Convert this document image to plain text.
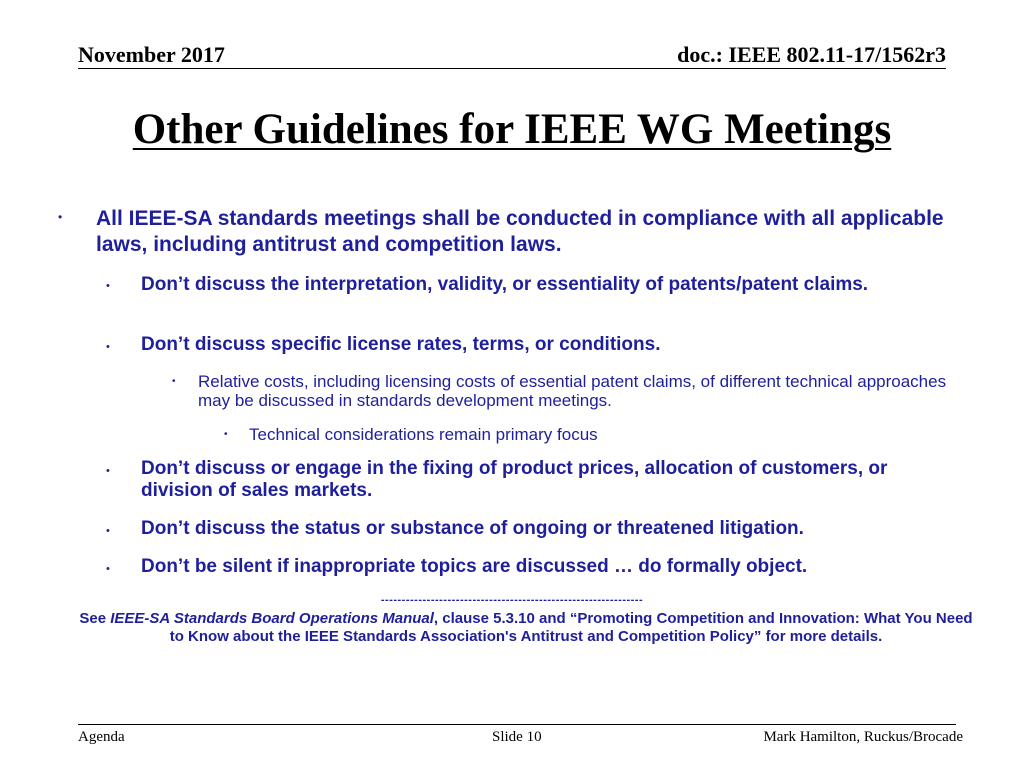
November 2017	doc.: IEEE 802.11-17/1562r3
Other Guidelines for IEEE WG Meetings
• All IEEE-SA standards meetings shall be conducted in compliance with all applicable laws, including antitrust and competition laws.
• Don’t discuss the interpretation, validity, or essentiality of patents/patent claims.
• Don’t discuss specific license rates, terms, or conditions.
• Relative costs, including licensing costs of essential patent claims, of different technical approaches may be discussed in standards development meetings.
• Technical considerations remain primary focus
• Don’t discuss or engage in the fixing of product prices, allocation of customers, or division of sales markets.
• Don’t discuss the status or substance of ongoing or threatened litigation.
• Don’t be silent if inappropriate topics are discussed … do formally object.
---------------------------------------------------------------
See IEEE-SA Standards Board Operations Manual, clause 5.3.10 and “Promoting Competition and Innovation: What You Need to Know about the IEEE Standards Association's Antitrust and Competition Policy” for more details.
Agenda	Slide 10	Mark Hamilton, Ruckus/Brocade
